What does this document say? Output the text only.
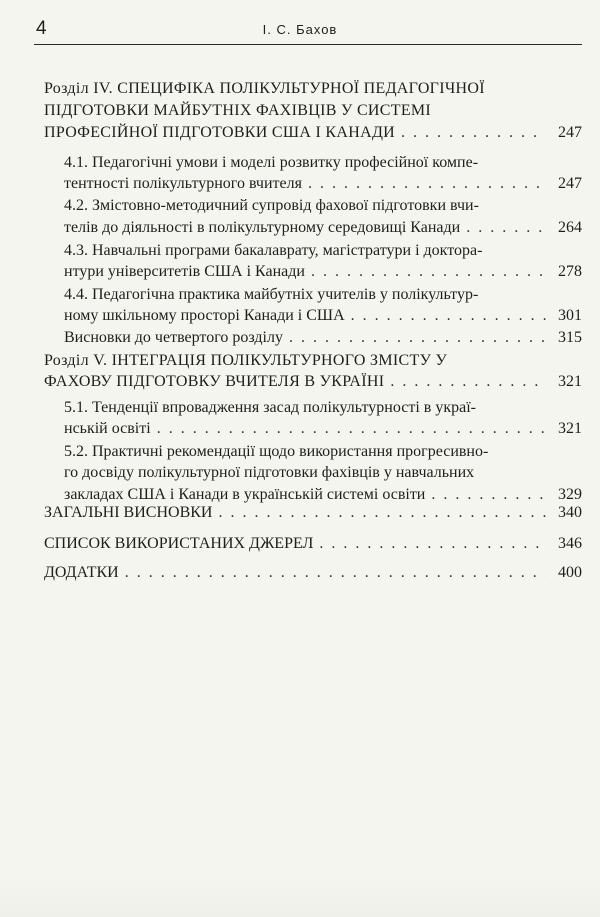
4	І. С. Бахов
Розділ IV. СПЕЦИФІКА ПОЛІКУЛЬТУРНОЇ ПЕДАГОГІЧНОЇ
ПІДГОТОВКИ МАЙБУТНІХ ФАХІВЦІВ У СИСТЕМІ
ПРОФЕСІЙНОЇ ПІДГОТОВКИ США І КАНАДИ . . .	247
4.1. Педагогічні умови і моделі розвитку професійної компе-
тентності полікультурного вчителя . . .	247
4.2. Змістовно-методичний супровід фахової підготовки вчи-
телів до діяльності в полікультурному середовищі Канади . . .	264
4.3. Навчальні програми бакалаврату, магістратури і доктора-
нтури університетів США і Канади . . .	278
4.4. Педагогічна практика майбутніх учителів у полікультур-
ному шкільному просторі Канади і США . . .	301
Висновки до четвертого розділу . . .	315
Розділ V. ІНТЕГРАЦІЯ ПОЛІКУЛЬТУРНОГО ЗМІСТУ У
ФАХОВУ ПІДГОТОВКУ ВЧИТЕЛЯ В УКРАЇНІ . . .	321
5.1. Тенденції впровадження засад полікультурності в украї-
нській освіті . . .	321
5.2. Практичні рекомендації щодо використання прогресивно-
го досвіду полікультурної підготовки фахівців у навчальних
закладах США і Канади в українській системі освіти . . .	329
ЗАГАЛЬНІ ВИСНОВКИ . . .	340
СПИСОК ВИКОРИСТАНИХ ДЖЕРЕЛ . . .	346
ДОДАТКИ . . .	400
